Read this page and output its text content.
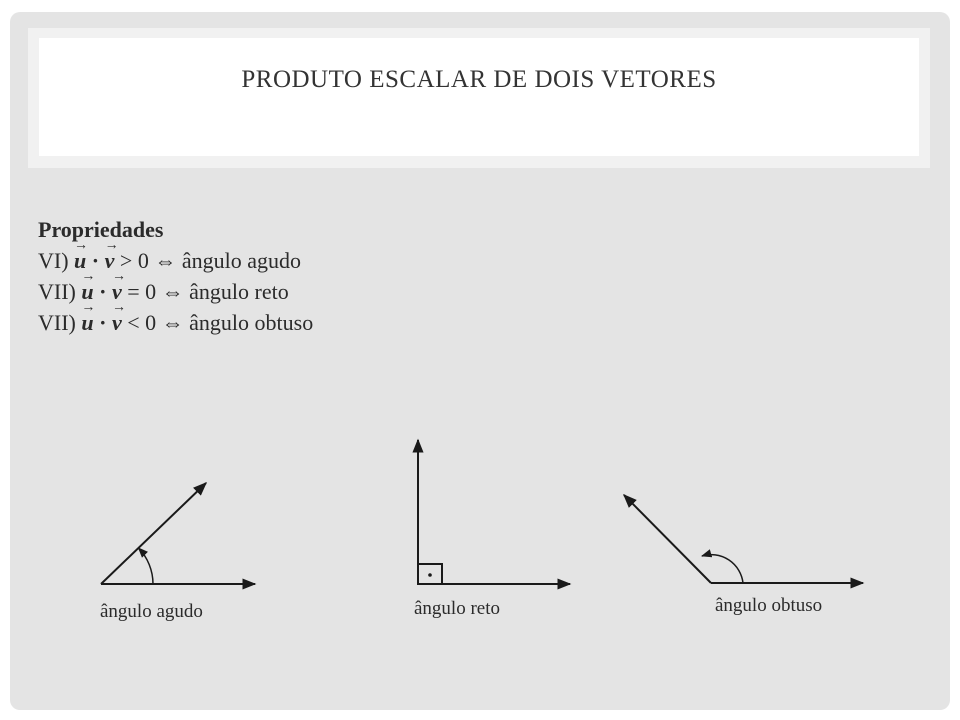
PRODUTO ESCALAR DE DOIS VETORES
Propriedades
VI) → u · → v > 0 ⇔ ângulo agudo
VII) → u · → v = 0 ⇔ ângulo reto
VII) → u · → v < 0 ⇔ ângulo obtuso
ângulo agudo	ângulo reto	ângulo obtuso
